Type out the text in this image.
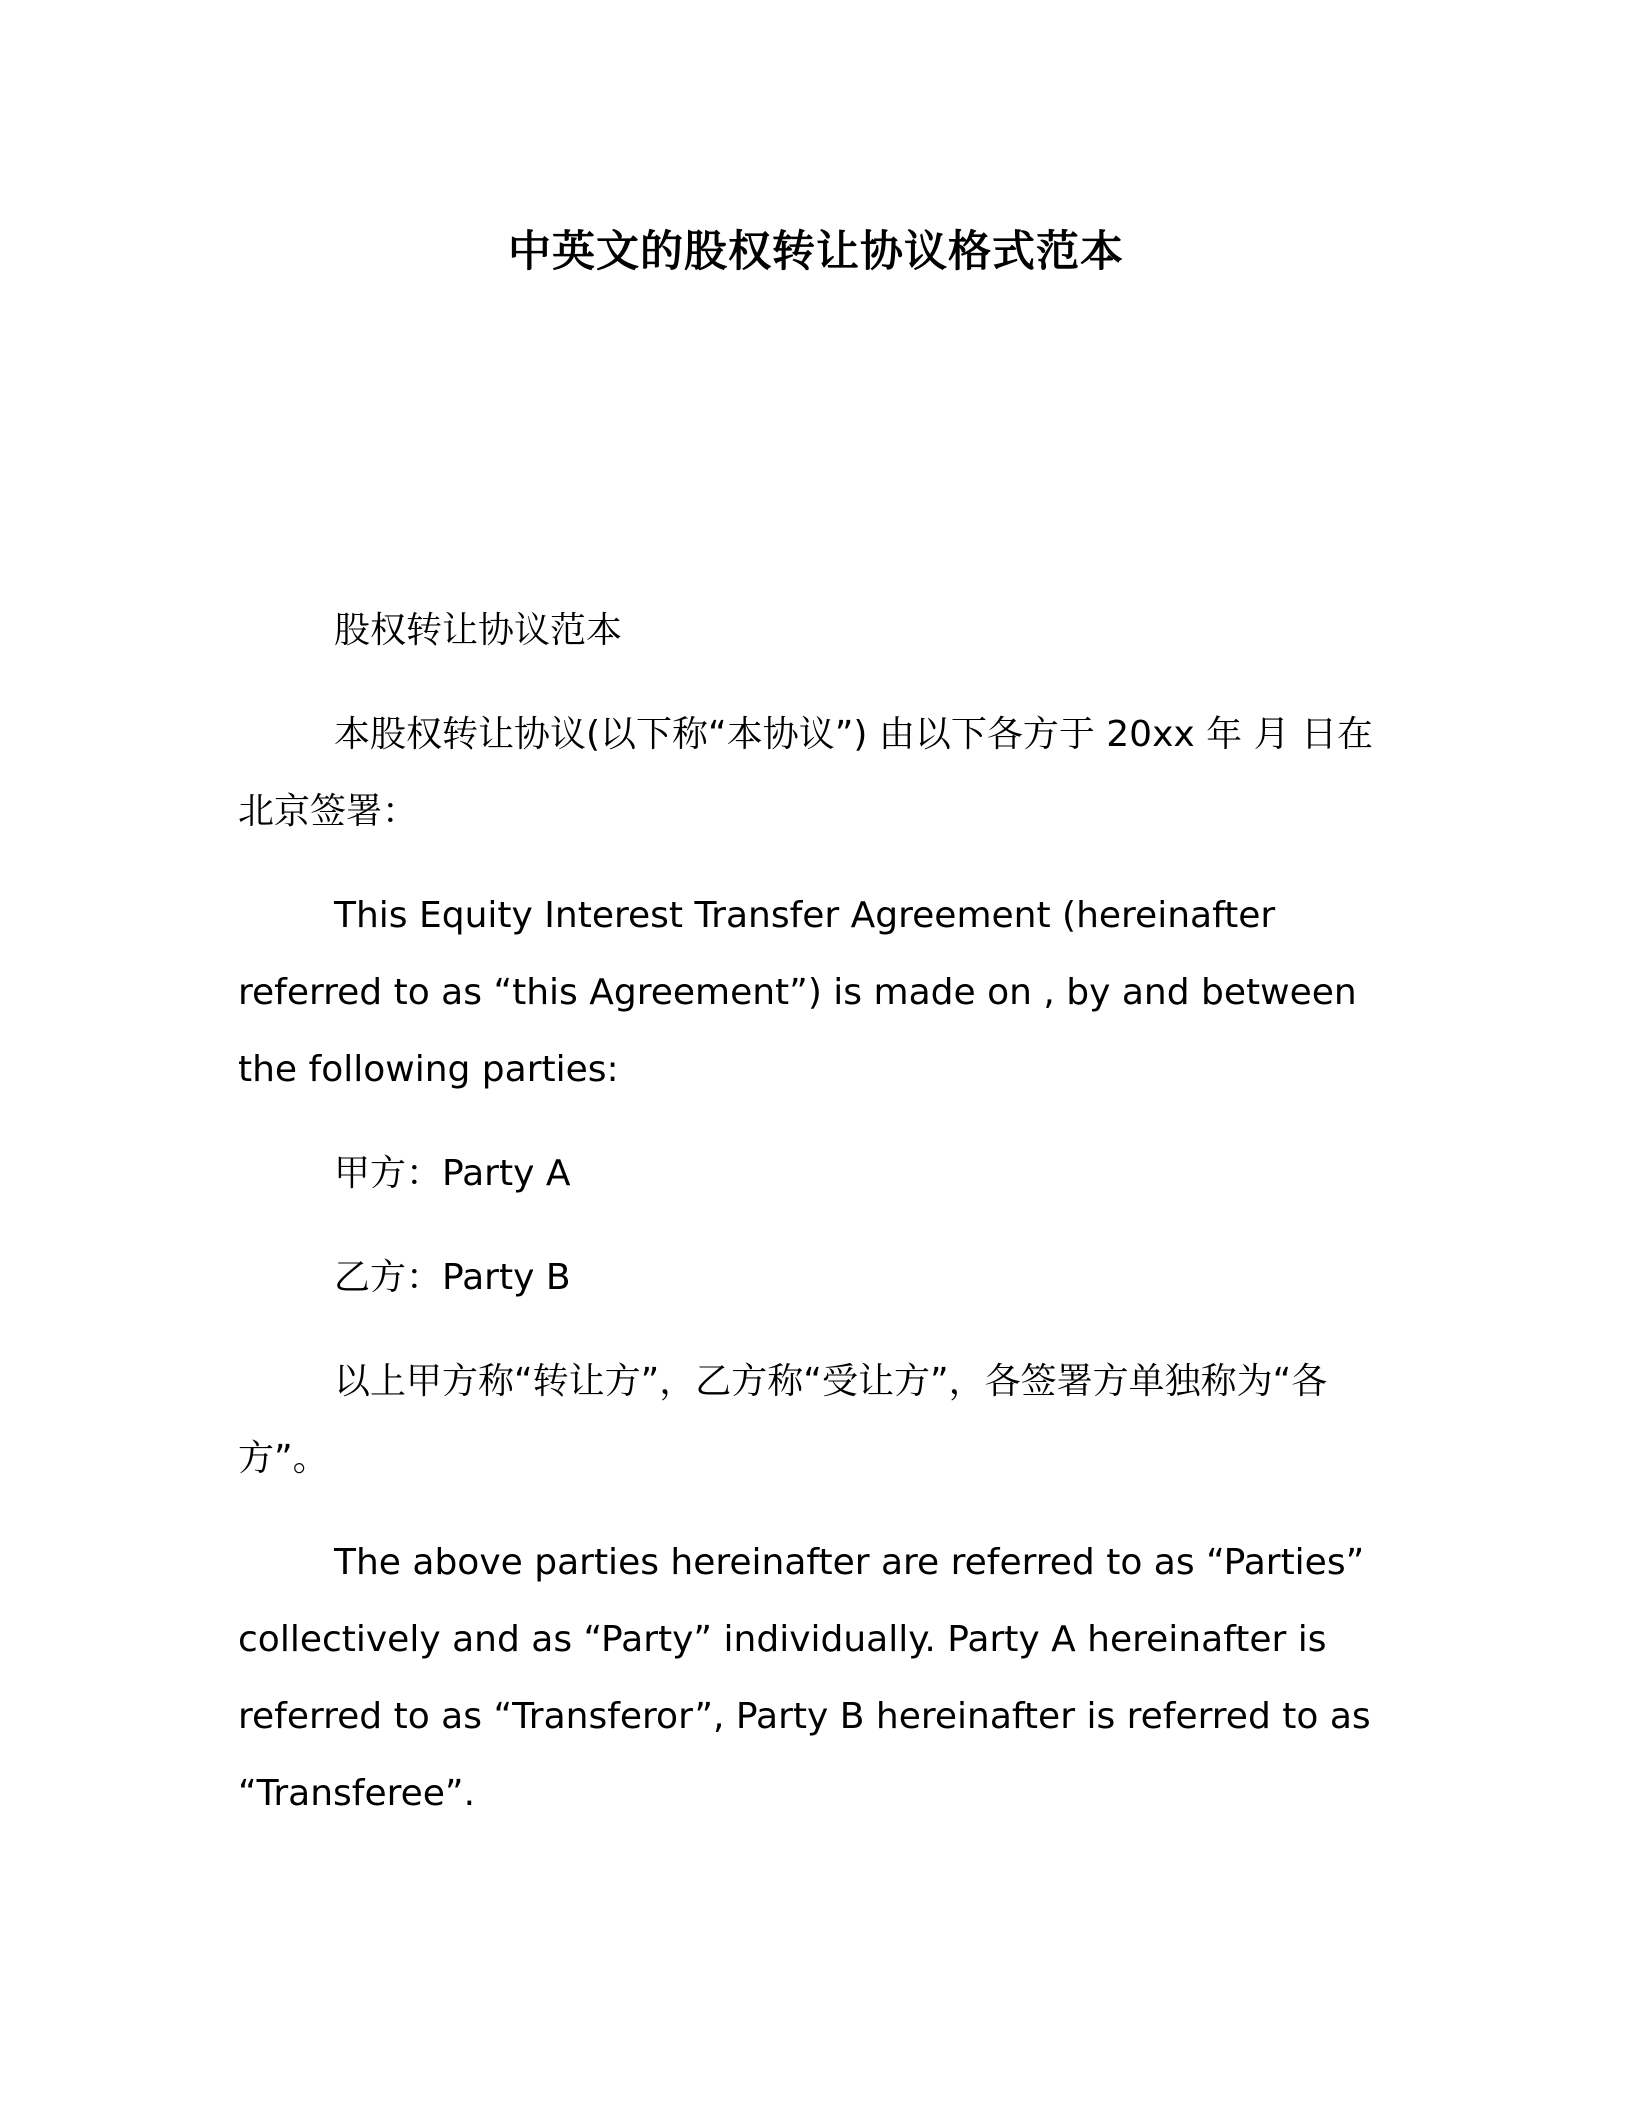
中英文的股权转让协议格式范本

股权转让协议范本

本股权转让协议(以下称“本协议”) 由以下各方于 20xx 年 月 日在北京签署：

This Equity Interest Transfer Agreement (hereinafter referred to as “this Agreement”) is made on , by and between the following parties:

甲方：Party A

乙方：Party B

以上甲方称“转让方”，乙方称“受让方”，各签署方单独称为“各方”。

The above parties hereinafter are referred to as “Parties” collectively and as “Party” individually. Party A hereinafter is referred to as “Transferor”, Party B hereinafter is referred to as “Transferee”.
